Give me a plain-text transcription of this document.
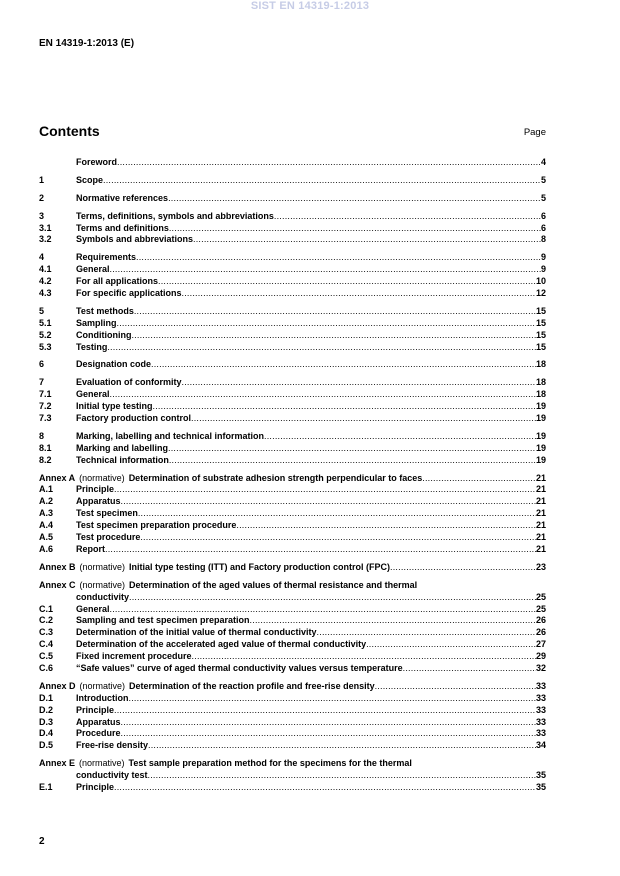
SIST EN 14319-1:2013
EN 14319-1:2013 (E)
Contents	Page
Foreword .....	4
1	Scope .....	5
2	Normative references .....	5
3	Terms, definitions, symbols and abbreviations .....	6
3.1	Terms and definitions .....	6
3.2	Symbols and abbreviations .....	8
4	Requirements .....	9
4.1	General .....	9
4.2	For all applications .....	10
4.3	For specific applications .....	12
5	Test methods .....	15
5.1	Sampling .....	15
5.2	Conditioning .....	15
5.3	Testing .....	15
6	Designation code .....	18
7	Evaluation of conformity .....	18
7.1	General .....	18
7.2	Initial type testing .....	19
7.3	Factory production control .....	19
8	Marking, labelling and technical information .....	19
8.1	Marking and labelling .....	19
8.2	Technical information .....	19
Annex A (normative) Determination of substrate adhesion strength perpendicular to faces .....	21
A.1	Principle .....	21
A.2	Apparatus .....	21
A.3	Test specimen .....	21
A.4	Test specimen preparation procedure .....	21
A.5	Test procedure .....	21
A.6	Report .....	21
Annex B (normative) Initial type testing (ITT) and Factory production control (FPC) .....	23
Annex C (normative) Determination of the aged values of thermal resistance and thermal
conductivity .....	25
C.1	General .....	25
C.2	Sampling and test specimen preparation .....	26
C.3	Determination of the initial value of thermal conductivity .....	26
C.4	Determination of the accelerated aged value of thermal conductivity .....	27
C.5	Fixed increment procedure .....	29
C.6	“Safe values” curve of aged thermal conductivity values versus temperature .....	32
Annex D (normative) Determination of the reaction profile and free-rise density .....	33
D.1	Introduction .....	33
D.2	Principle .....	33
D.3	Apparatus .....	33
D.4	Procedure .....	33
D.5	Free-rise density .....	34
Annex E (normative) Test sample preparation method for the specimens for the thermal
conductivity test .....	35
E.1	Principle .....	35
2
